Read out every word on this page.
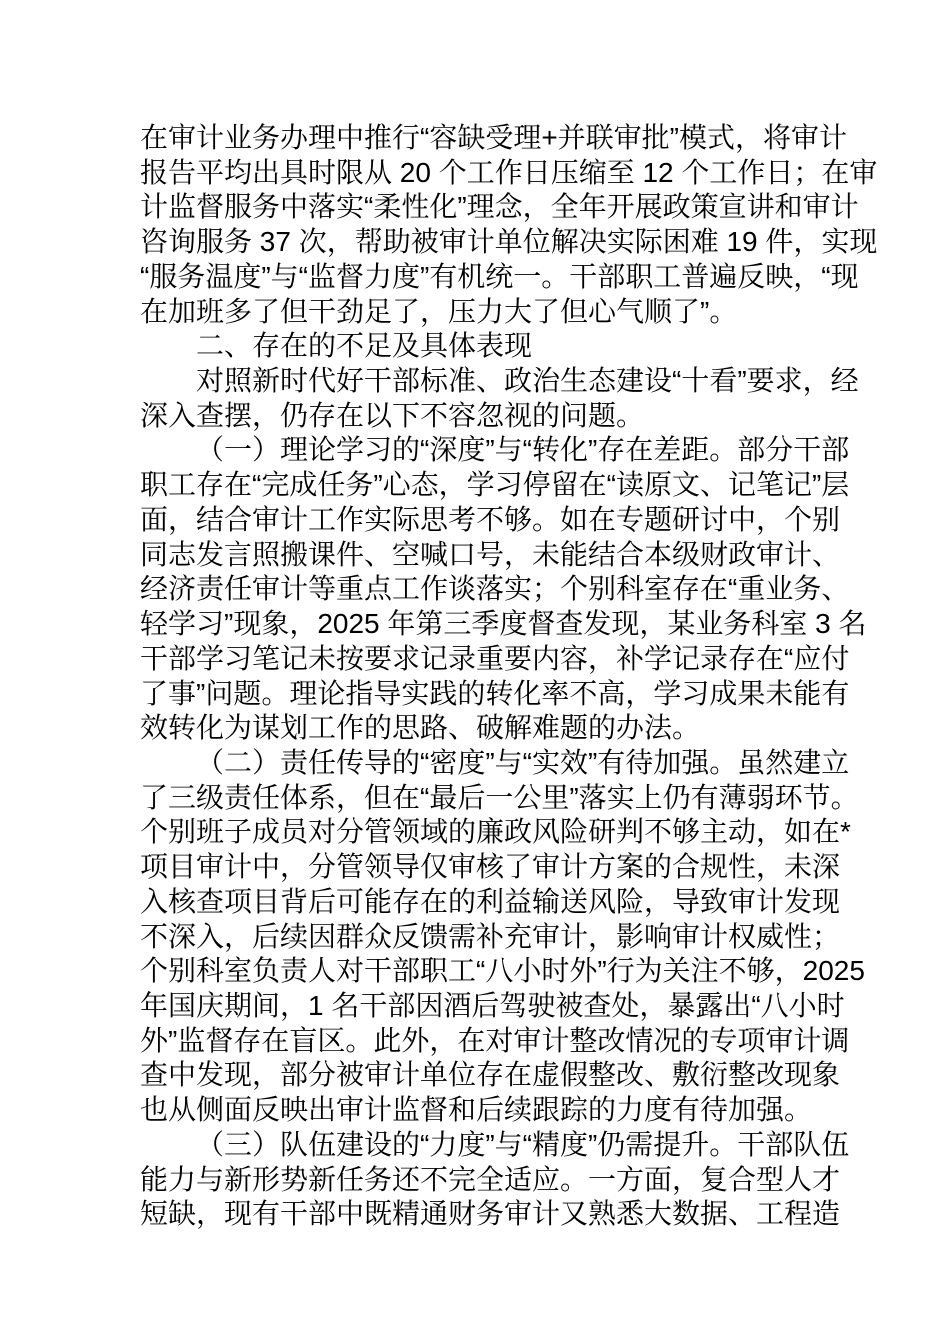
在审计业务办理中推行“容缺受理+并联审批”模式，将审计
报告平均出具时限从 20 个工作日压缩至 12 个工作日；在审
计监督服务中落实“柔性化”理念，全年开展政策宣讲和审计
咨询服务 37 次，帮助被审计单位解决实际困难 19 件，实现
“服务温度”与“监督力度”有机统一。干部职工普遍反映，“现
在加班多了但干劲足了，压力大了但心气顺了”。
二、存在的不足及具体表现
对照新时代好干部标准、政治生态建设“十看”要求，经
深入查摆，仍存在以下不容忽视的问题。
（一）理论学习的“深度”与“转化”存在差距。部分干部
职工存在“完成任务”心态，学习停留在“读原文、记笔记”层
面，结合审计工作实际思考不够。如在专题研讨中，个别
同志发言照搬课件、空喊口号，未能结合本级财政审计、
经济责任审计等重点工作谈落实；个别科室存在“重业务、
轻学习”现象，2025 年第三季度督查发现，某业务科室 3 名
干部学习笔记未按要求记录重要内容，补学记录存在“应付
了事”问题。理论指导实践的转化率不高，学习成果未能有
效转化为谋划工作的思路、破解难题的办法。
（二）责任传导的“密度”与“实效”有待加强。虽然建立
了三级责任体系，但在“最后一公里”落实上仍有薄弱环节。
个别班子成员对分管领域的廉政风险研判不够主动，如在*
项目审计中，分管领导仅审核了审计方案的合规性，未深
入核查项目背后可能存在的利益输送风险，导致审计发现
不深入，后续因群众反馈需补充审计，影响审计权威性；
个别科室负责人对干部职工“八小时外”行为关注不够，2025
年国庆期间，1 名干部因酒后驾驶被查处，暴露出“八小时
外”监督存在盲区。此外，在对审计整改情况的专项审计调
查中发现，部分被审计单位存在虚假整改、敷衍整改现象
也从侧面反映出审计监督和后续跟踪的力度有待加强。
（三）队伍建设的“力度”与“精度”仍需提升。干部队伍
能力与新形势新任务还不完全适应。一方面，复合型人才
短缺，现有干部中既精通财务审计又熟悉大数据、工程造
